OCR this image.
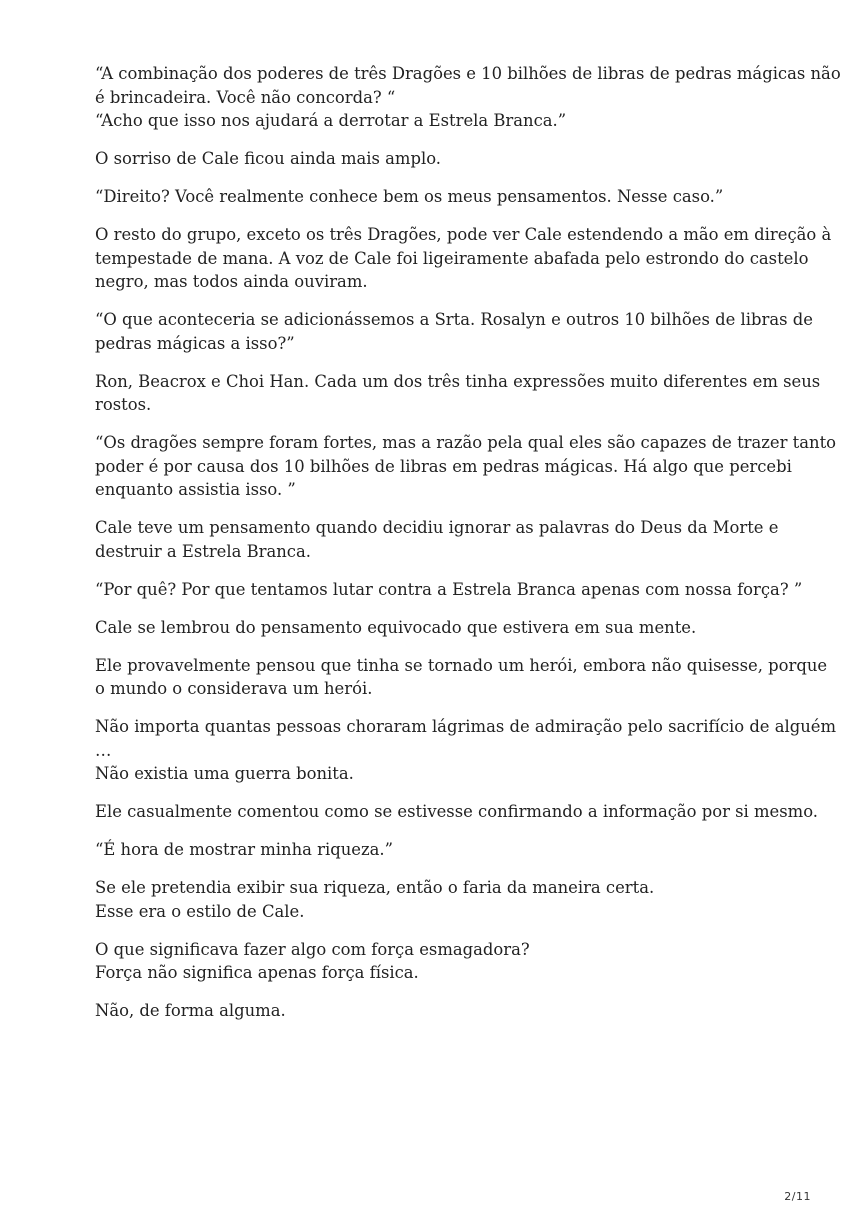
“A combinação dos poderes de três Dragões e 10 bilhões de libras de pedras mágicas não
é brincadeira. Você não concorda? “
“Acho que isso nos ajudará a derrotar a Estrela Branca.”

O sorriso de Cale ficou ainda mais amplo.

“Direito? Você realmente conhece bem os meus pensamentos. Nesse caso.”

O resto do grupo, exceto os três Dragões, pode ver Cale estendendo a mão em direção à
tempestade de mana. A voz de Cale foi ligeiramente abafada pelo estrondo do castelo
negro, mas todos ainda ouviram.

“O que aconteceria se adicionássemos a Srta. Rosalyn e outros 10 bilhões de libras de
pedras mágicas a isso?”

Ron, Beacrox e Choi Han. Cada um dos três tinha expressões muito diferentes em seus
rostos.

“Os dragões sempre foram fortes, mas a razão pela qual eles são capazes de trazer tanto
poder é por causa dos 10 bilhões de libras em pedras mágicas. Há algo que percebi
enquanto assistia isso. ”

Cale teve um pensamento quando decidiu ignorar as palavras do Deus da Morte e
destruir a Estrela Branca.

“Por quê? Por que tentamos lutar contra a Estrela Branca apenas com nossa força? ”

Cale se lembrou do pensamento equivocado que estivera em sua mente.

Ele provavelmente pensou que tinha se tornado um herói, embora não quisesse, porque
o mundo o considerava um herói.

Não importa quantas pessoas choraram lágrimas de admiração pelo sacrifício de alguém
…
Não existia uma guerra bonita.

Ele casualmente comentou como se estivesse confirmando a informação por si mesmo.

“É hora de mostrar minha riqueza.”

Se ele pretendia exibir sua riqueza, então o faria da maneira certa.
Esse era o estilo de Cale.

O que significava fazer algo com força esmagadora?
Força não significa apenas força física.

Não, de forma alguma.

2/11
